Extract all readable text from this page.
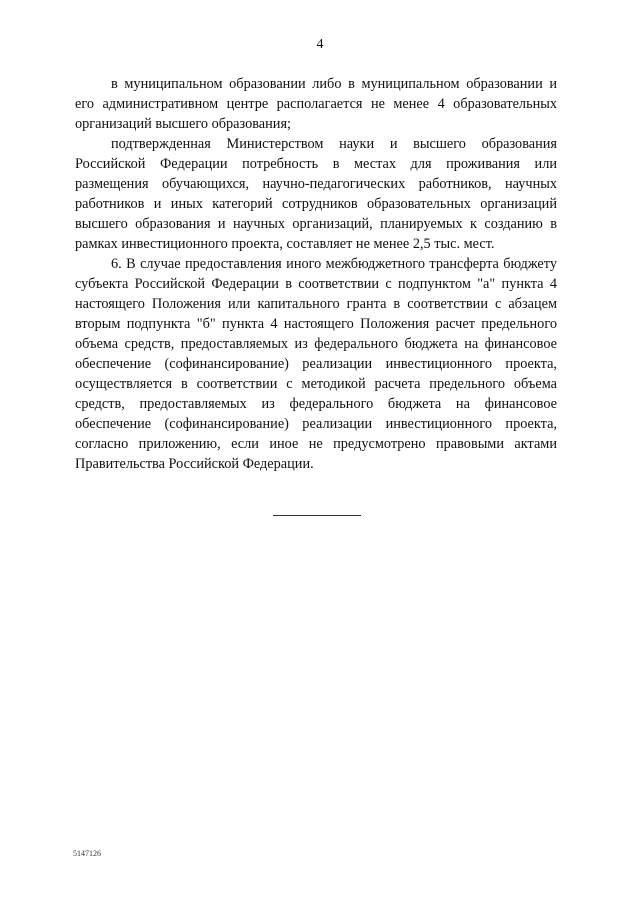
4

в муниципальном образовании либо в муниципальном образовании и его административном центре располагается не менее 4 образовательных организаций высшего образования;

подтвержденная Министерством науки и высшего образования Российской Федерации потребность в местах для проживания или размещения обучающихся, научно-педагогических работников, научных работников и иных категорий сотрудников образовательных организаций высшего образования и научных организаций, планируемых к созданию в рамках инвестиционного проекта, составляет не менее 2,5 тыс. мест.

6. В случае предоставления иного межбюджетного трансферта бюджету субъекта Российской Федерации в соответствии с подпунктом "а" пункта 4 настоящего Положения или капитального гранта в соответствии с абзацем вторым подпункта "б" пункта 4 настоящего Положения расчет предельного объема средств, предоставляемых из федерального бюджета на финансовое обеспечение (софинансирование) реализации инвестиционного проекта, осуществляется в соответствии с методикой расчета предельного объема средств, предоставляемых из федерального бюджета на финансовое обеспечение (софинансирование) реализации инвестиционного проекта, согласно приложению, если иное не предусмотрено правовыми актами Правительства Российской Федерации.

5147126
